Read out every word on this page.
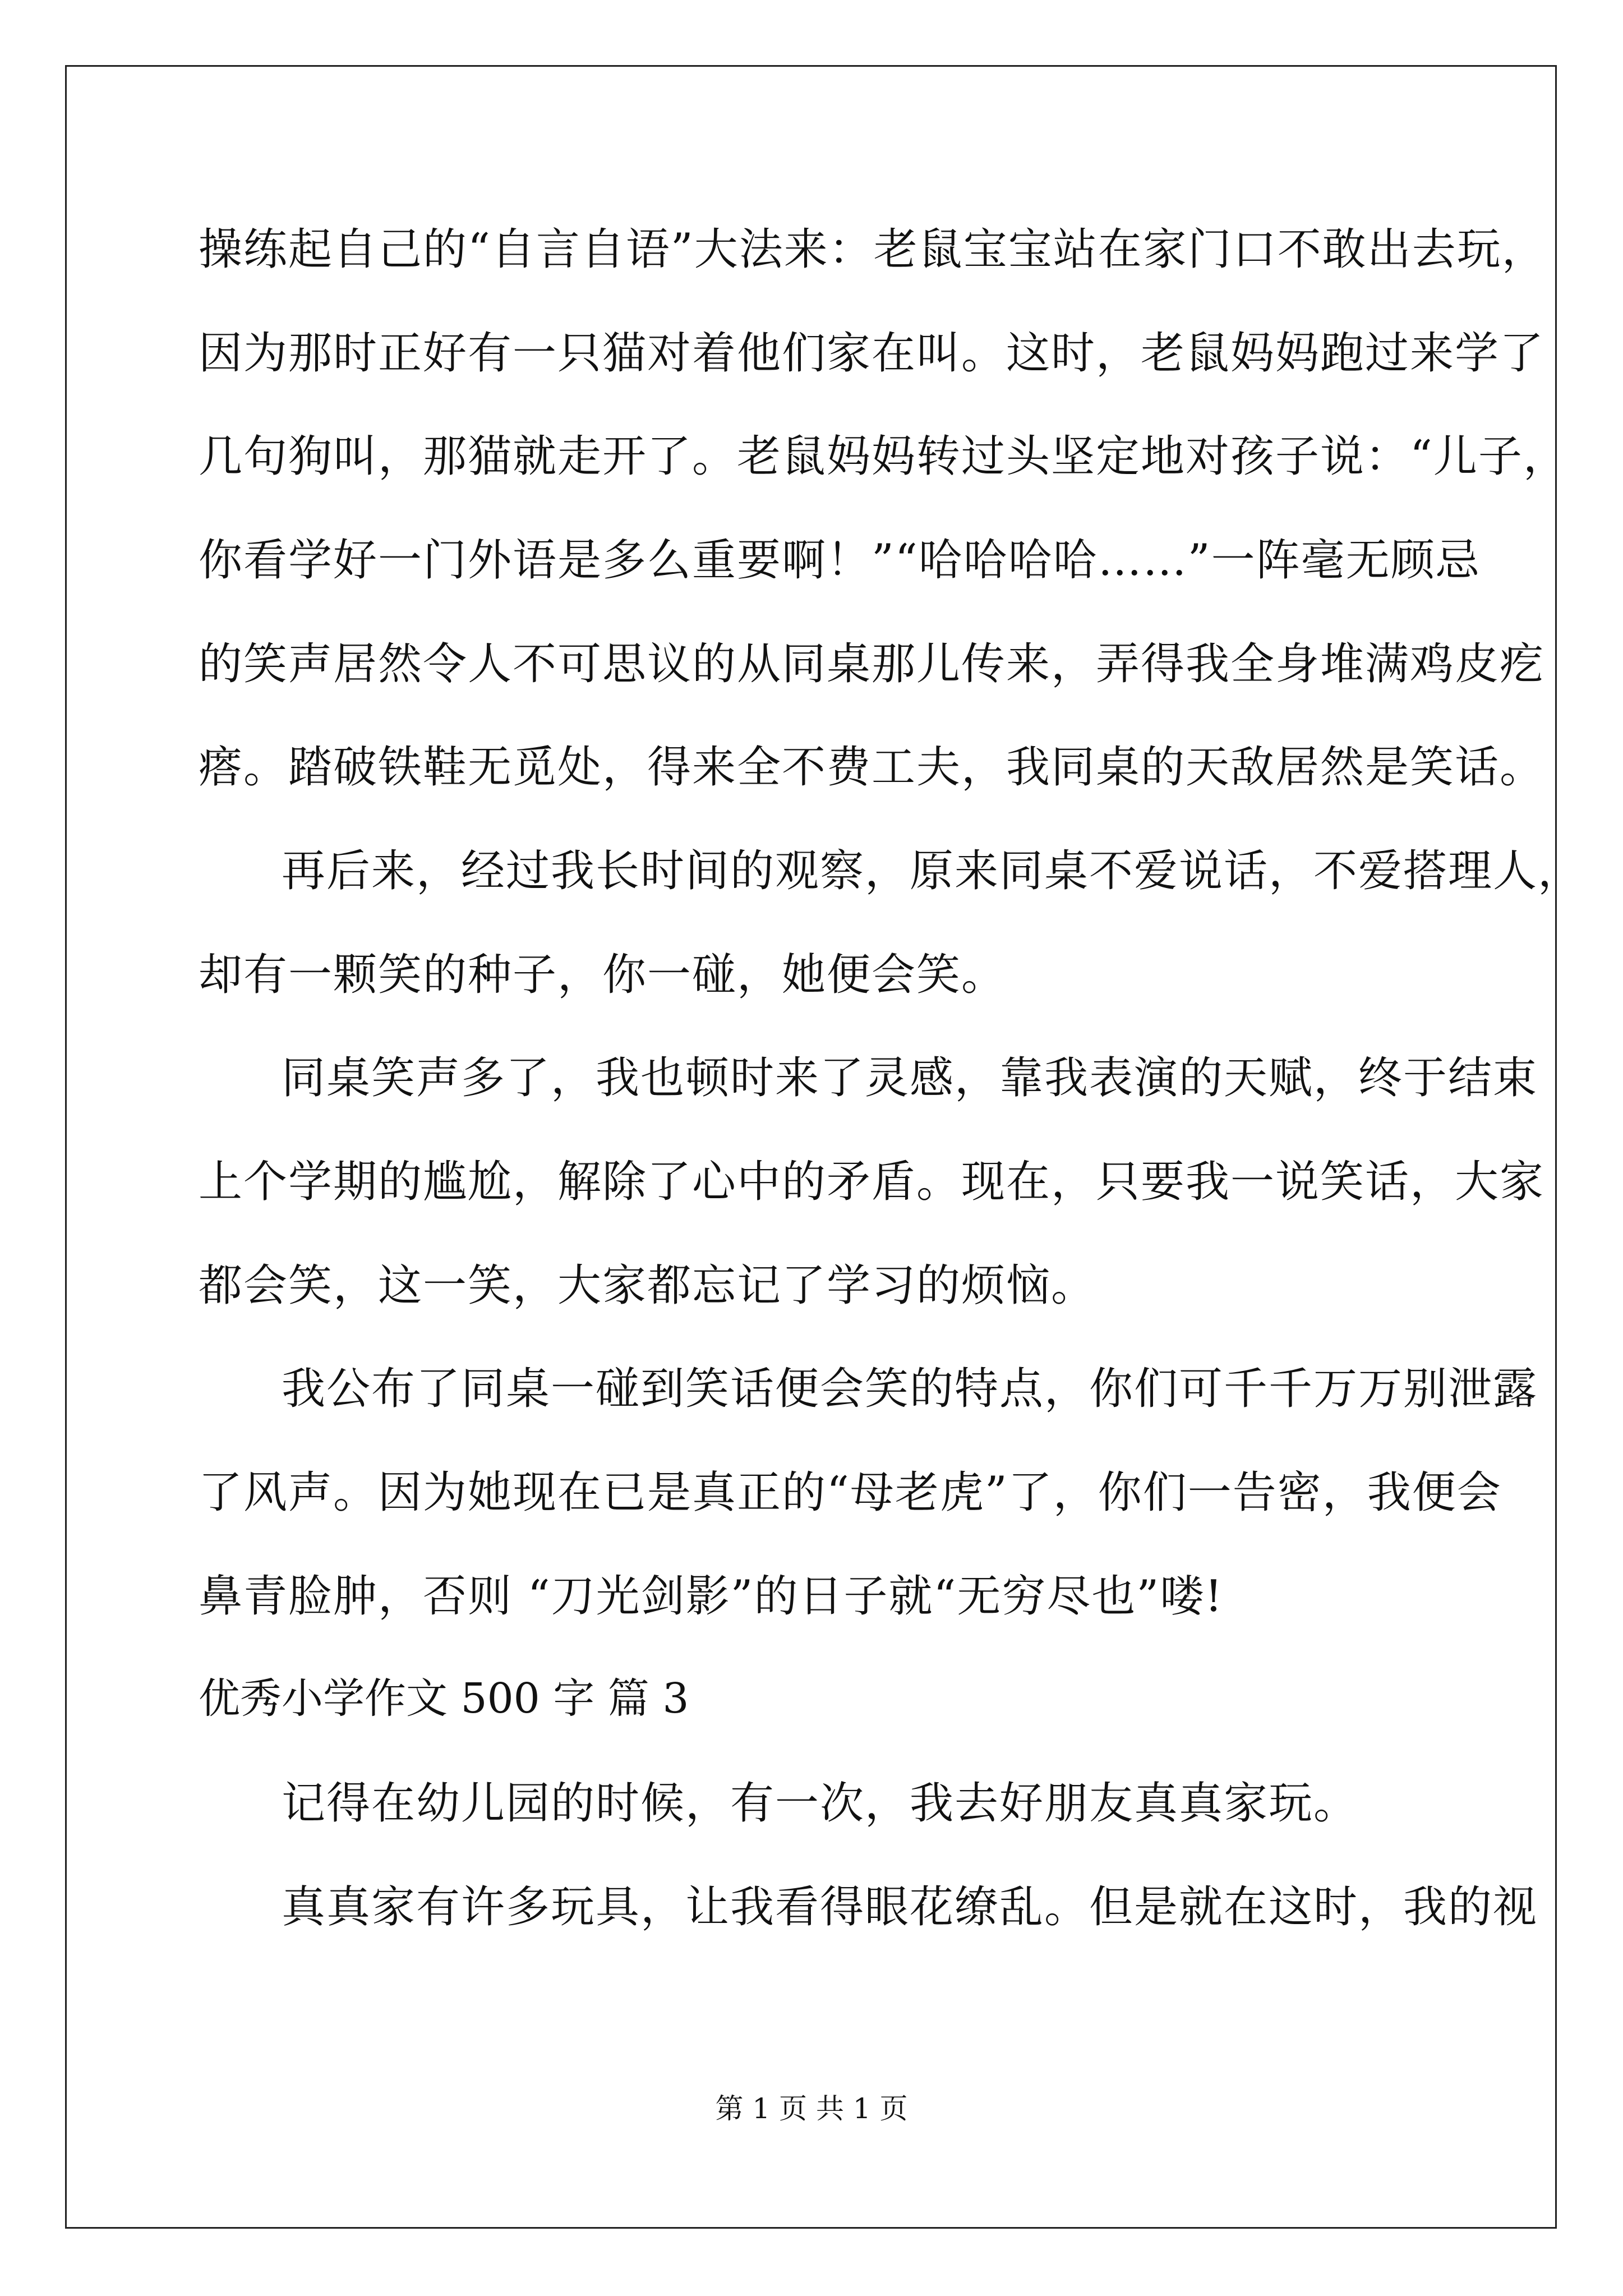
操练起自己的“自言自语”大法来：老鼠宝宝站在家门口不敢出去玩，
因为那时正好有一只猫对着他们家在叫。这时，老鼠妈妈跑过来学了
几句狗叫，那猫就走开了。老鼠妈妈转过头坚定地对孩子说：“儿子，
你看学好一门外语是多么重要啊！”“哈哈哈哈……”一阵毫无顾忌
的笑声居然令人不可思议的从同桌那儿传来，弄得我全身堆满鸡皮疙
瘩。踏破铁鞋无觅处，得来全不费工夫，我同桌的天敌居然是笑话。
再后来，经过我长时间的观察，原来同桌不爱说话，不爱搭理人，
却有一颗笑的种子，你一碰，她便会笑。
同桌笑声多了，我也顿时来了灵感，靠我表演的天赋，终于结束
上个学期的尴尬，解除了心中的矛盾。现在，只要我一说笑话，大家
都会笑，这一笑，大家都忘记了学习的烦恼。
我公布了同桌一碰到笑话便会笑的特点，你们可千千万万别泄露
了风声。因为她现在已是真正的“母老虎”了，你们一告密，我便会
鼻青脸肿，否则 “刀光剑影”的日子就“无穷尽也”喽!
优秀小学作文 500 字 篇 3
记得在幼儿园的时候，有一次，我去好朋友真真家玩。
真真家有许多玩具，让我看得眼花缭乱。但是就在这时，我的视
第 1 页 共 1 页
